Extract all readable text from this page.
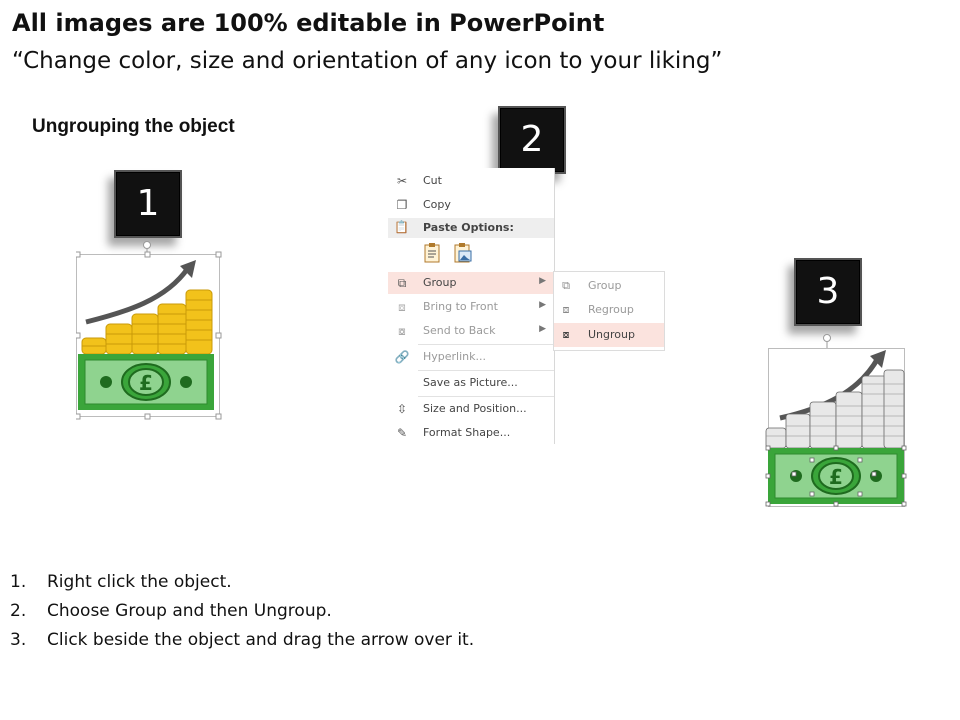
All images are 100% editable in PowerPoint
“Change color, size and orientation of any icon to your liking”
Ungrouping the object
1
2
3
£
✂ Cut
❐ Copy
📋 Paste Options:
⧉	Group	▶
⧈	Bring to Front	▶
⧇	Send to Back	▶
🔗 Hyperlink...
Save as Picture...
⇳ Size and Position...
✎ Format Shape...
⧉	Group
⧈	Regroup
⧇	Ungroup
£
1.	Right click the object.
2.	Choose Group and then Ungroup.
3.	Click beside the object and drag the arrow over it.
